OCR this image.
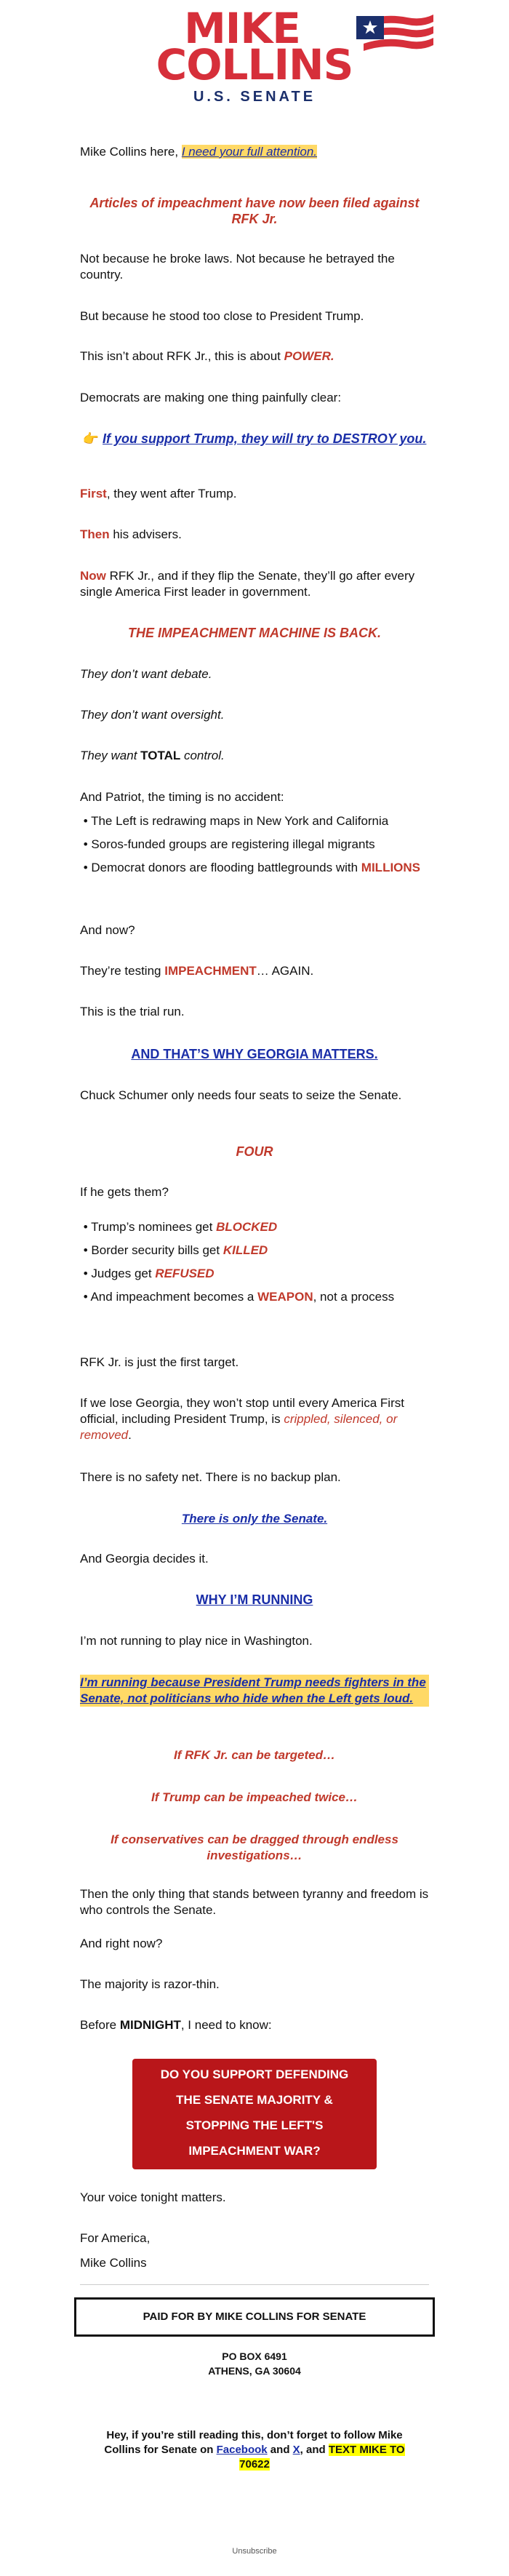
MIKE
COLLINS
U.S. SENATE

Mike Collins here, I need your full attention.

Articles of impeachment have now been filed against RFK Jr.

Not because he broke laws. Not because he betrayed the country.

But because he stood too close to President Trump.

This isn’t about RFK Jr., this is about POWER.

Democrats are making one thing painfully clear:

👉 If you support Trump, they will try to DESTROY you.

First, they went after Trump.

Then his advisers.

Now RFK Jr., and if they flip the Senate, they’ll go after every single America First leader in government.

THE IMPEACHMENT MACHINE IS BACK.

They don’t want debate.

They don’t want oversight.

They want TOTAL control.

And Patriot, the timing is no accident:

• The Left is redrawing maps in New York and California
• Soros-funded groups are registering illegal migrants
• Democrat donors are flooding battlegrounds with MILLIONS

And now?

They’re testing IMPEACHMENT… AGAIN.

This is the trial run.

AND THAT’S WHY GEORGIA MATTERS.

Chuck Schumer only needs four seats to seize the Senate.

FOUR

If he gets them?

• Trump’s nominees get BLOCKED
• Border security bills get KILLED
• Judges get REFUSED
• And impeachment becomes a WEAPON, not a process

RFK Jr. is just the first target.

If we lose Georgia, they won’t stop until every America First official, including President Trump, is crippled, silenced, or removed.

There is no safety net. There is no backup plan.

There is only the Senate.

And Georgia decides it.

WHY I’M RUNNING

I’m not running to play nice in Washington.

I’m running because President Trump needs fighters in the Senate, not politicians who hide when the Left gets loud.

If RFK Jr. can be targeted…

If Trump can be impeached twice…

If conservatives can be dragged through endless investigations…

Then the only thing that stands between tyranny and freedom is who controls the Senate.

And right now?

The majority is razor-thin.

Before MIDNIGHT, I need to know:

DO YOU SUPPORT DEFENDING
THE SENATE MAJORITY &
STOPPING THE LEFT'S
IMPEACHMENT WAR?

Your voice tonight matters.

For America,

Mike Collins

PAID FOR BY MIKE COLLINS FOR SENATE

PO BOX 6491

ATHENS, GA 30604

Hey, if you’re still reading this, don’t forget to follow Mike Collins for Senate on Facebook and X, and TEXT MIKE TO 70622

Unsubscribe
